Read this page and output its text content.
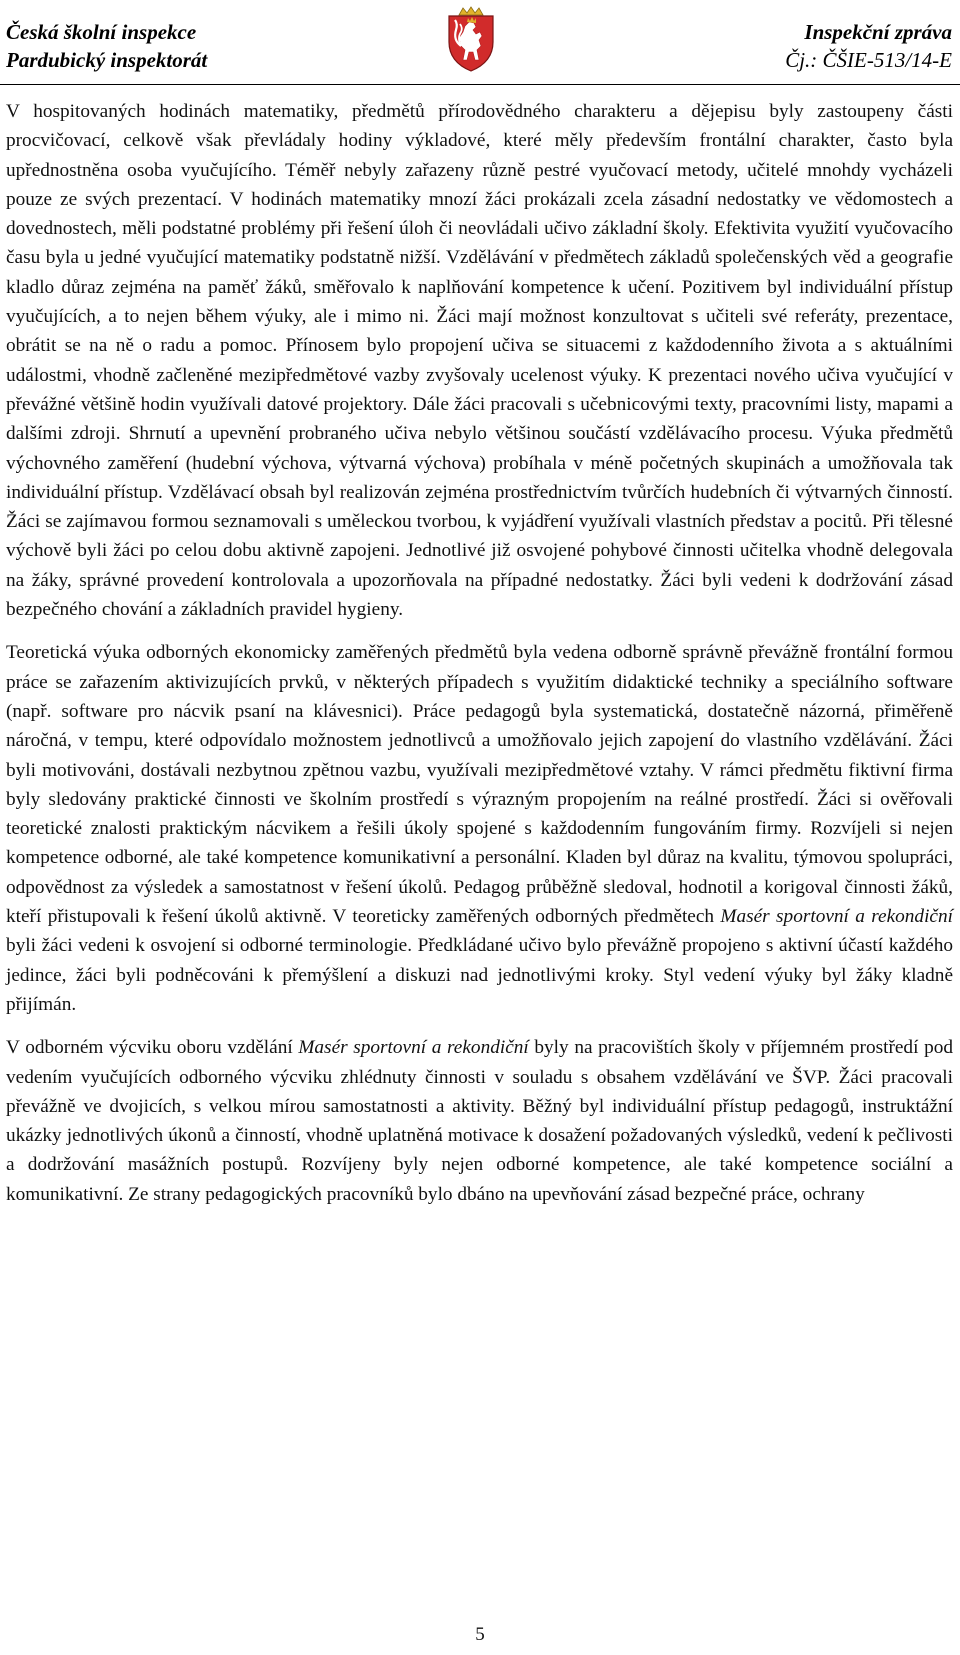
Česká školní inspekce
Pardubický inspektorát
Inspekční zpráva
Čj.: ČŠIE-513/14-E

V hospitovaných hodinách matematiky, předmětů přírodovědného charakteru a dějepisu byly zastoupeny části procvičovací, celkově však převládaly hodiny výkladové, které měly především frontální charakter, často byla upřednostněna osoba vyučujícího. Téměř nebyly zařazeny různě pestré vyučovací metody, učitelé mnohdy vycházeli pouze ze svých prezentací. V hodinách matematiky mnozí žáci prokázali zcela zásadní nedostatky ve vědomostech a dovednostech, měli podstatné problémy při řešení úloh či neovládali učivo základní školy. Efektivita využití vyučovacího času byla u jedné vyučující matematiky podstatně nižší. Vzdělávání v předmětech základů společenských věd a geografie kladlo důraz zejména na paměť žáků, směřovalo k naplňování kompetence k učení. Pozitivem byl individuální přístup vyučujících, a to nejen během výuky, ale i mimo ni. Žáci mají možnost konzultovat s učiteli své referáty, prezentace, obrátit se na ně o radu a pomoc. Přínosem bylo propojení učiva se situacemi z každodenního života a s aktuálními událostmi, vhodně začleněné mezipředmětové vazby zvyšovaly ucelenost výuky. K prezentaci nového učiva vyučující v převážné většině hodin využívali datové projektory. Dále žáci pracovali s učebnicovými texty, pracovními listy, mapami a dalšími zdroji. Shrnutí a upevnění probraného učiva nebylo většinou součástí vzdělávacího procesu. Výuka předmětů výchovného zaměření (hudební výchova, výtvarná výchova) probíhala v méně početných skupinách a umožňovala tak individuální přístup. Vzdělávací obsah byl realizován zejména prostřednictvím tvůrčích hudebních či výtvarných činností. Žáci se zajímavou formou seznamovali s uměleckou tvorbou, k vyjádření využívali vlastních představ a pocitů. Při tělesné výchově byli žáci po celou dobu aktivně zapojeni. Jednotlivé již osvojené pohybové činnosti učitelka vhodně delegovala na žáky, správné provedení kontrolovala a upozorňovala na případné nedostatky. Žáci byli vedeni k dodržování zásad bezpečného chování a základních pravidel hygieny.

Teoretická výuka odborných ekonomicky zaměřených předmětů byla vedena odborně správně převážně frontální formou práce se zařazením aktivizujících prvků, v některých případech s využitím didaktické techniky a speciálního software (např. software pro nácvik psaní na klávesnici). Práce pedagogů byla systematická, dostatečně názorná, přiměřeně náročná, v tempu, které odpovídalo možnostem jednotlivců a umožňovalo jejich zapojení do vlastního vzdělávání. Žáci byli motivováni, dostávali nezbytnou zpětnou vazbu, využívali mezipředmětové vztahy. V rámci předmětu fiktivní firma byly sledovány praktické činnosti ve školním prostředí s výrazným propojením na reálné prostředí. Žáci si ověřovali teoretické znalosti praktickým nácvikem a řešili úkoly spojené s každodenním fungováním firmy. Rozvíjeli si nejen kompetence odborné, ale také kompetence komunikativní a personální. Kladen byl důraz na kvalitu, týmovou spolupráci, odpovědnost za výsledek a samostatnost v řešení úkolů. Pedagog průběžně sledoval, hodnotil a korigoval činnosti žáků, kteří přistupovali k řešení úkolů aktivně. V teoreticky zaměřených odborných předmětech Masér sportovní a rekondiční byli žáci vedeni k osvojení si odborné terminologie. Předkládané učivo bylo převážně propojeno s aktivní účastí každého jedince, žáci byli podněcováni k přemýšlení a diskuzi nad jednotlivými kroky. Styl vedení výuky byl žáky kladně přijímán.

V odborném výcviku oboru vzdělání Masér sportovní a rekondiční byly na pracovištích školy v příjemném prostředí pod vedením vyučujících odborného výcviku zhlédnuty činnosti v souladu s obsahem vzdělávání ve ŠVP. Žáci pracovali převážně ve dvojicích, s velkou mírou samostatnosti a aktivity. Běžný byl individuální přístup pedagogů, instruktážní ukázky jednotlivých úkonů a činností, vhodně uplatněná motivace k dosažení požadovaných výsledků, vedení k pečlivosti a dodržování masážních postupů. Rozvíjeny byly nejen odborné kompetence, ale také kompetence sociální a komunikativní. Ze strany pedagogických pracovníků bylo dbáno na upevňování zásad bezpečné práce, ochrany

5
